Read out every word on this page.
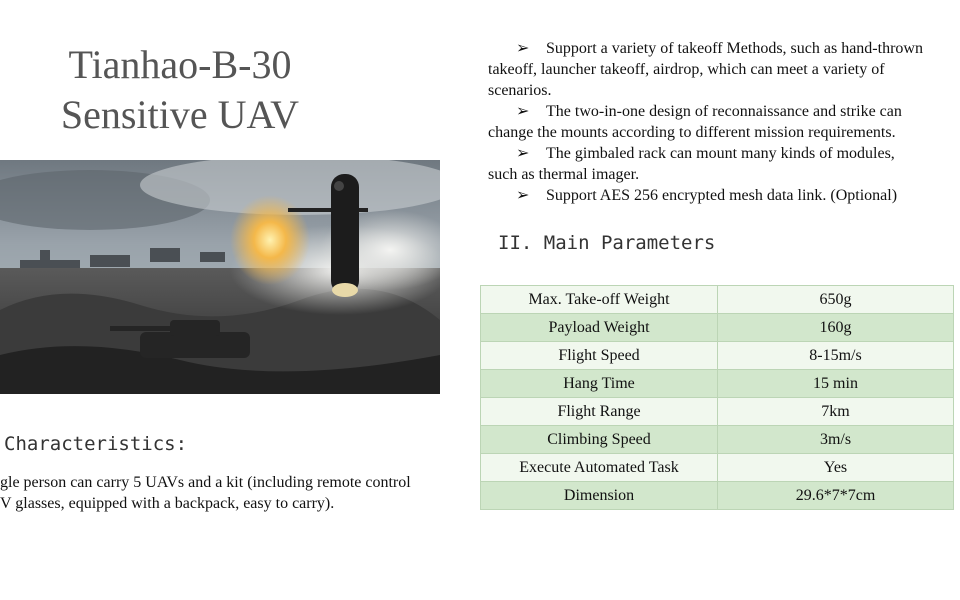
Tianhao-B-30
Sensitive UAV
Characteristics:
gle person can carry 5 UAVs and a kit (including remote control
V glasses, equipped with a backpack, easy to carry).
➢ Support a variety of takeoff Methods, such as hand-thrown
takeoff, launcher takeoff, airdrop, which can meet a variety of
scenarios.
➢ The two-in-one design of reconnaissance and strike can
change the mounts according to different mission requirements.
➢ The gimbaled rack can mount many kinds of modules,
such as thermal imager.
➢ Support AES 256 encrypted mesh data link. (Optional)
II. Main Parameters
Max. Take-off Weight	650g
Payload Weight	160g
Flight Speed	8-15m/s
Hang Time	15 min
Flight Range	7km
Climbing Speed	3m/s
Execute Automated Task	Yes
Dimension	29.6*7*7cm
